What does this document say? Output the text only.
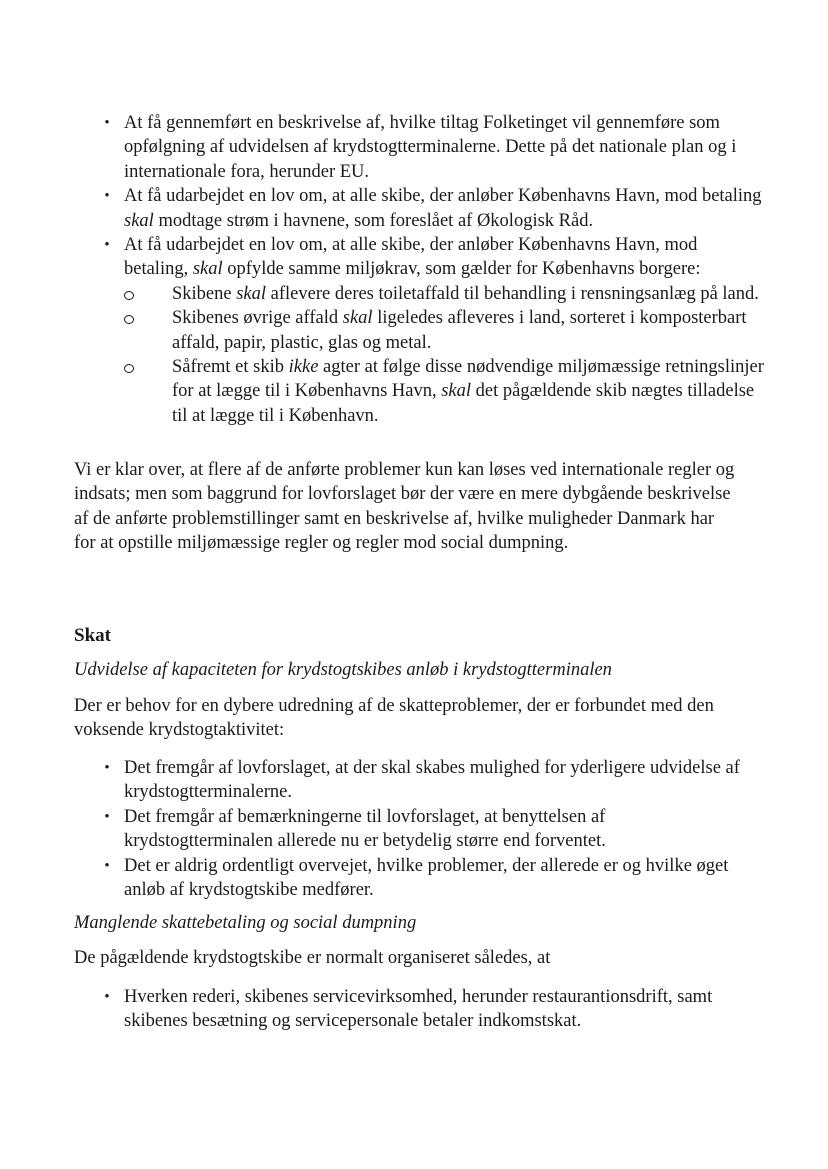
• At få gennemført en beskrivelse af, hvilke tiltag Folketinget vil gennemføre som opfølgning af udvidelsen af krydstogtterminalerne. Dette på det nationale plan og i internationale fora, herunder EU.
• At få udarbejdet en lov om, at alle skibe, der anløber Københavns Havn, mod betaling skal modtage strøm i havnene, som foreslået af Økologisk Råd.
• At få udarbejdet en lov om, at alle skibe, der anløber Københavns Havn, mod betaling, skal opfylde samme miljøkrav, som gælder for Københavns borgere:
Skibene skal aflevere deres toiletaffald til behandling i rensningsanlæg på land.
Skibenes øvrige affald skal ligeledes afleveres i land, sorteret i komposterbart affald, papir, plastic, glas og metal.
Såfremt et skib ikke agter at følge disse nødvendige miljømæssige retningslinjer for at lægge til i Københavns Havn, skal det pågældende skib nægtes tilladelse til at lægge til i København.

Vi er klar over, at flere af de anførte problemer kun kan løses ved internationale regler og indsats; men som baggrund for lovforslaget bør der være en mere dybgående beskrivelse af de anførte problemstillinger samt en beskrivelse af, hvilke muligheder Danmark har for at opstille miljømæssige regler og regler mod social dumpning.

Skat
Udvidelse af kapaciteten for krydstogtskibes anløb i krydstogtterminalen

Der er behov for en dybere udredning af de skatteproblemer, der er forbundet med den voksende krydstogtaktivitet:

• Det fremgår af lovforslaget, at der skal skabes mulighed for yderligere udvidelse af krydstogtterminalerne.
• Det fremgår af bemærkningerne til lovforslaget, at benyttelsen af krydstogtterminalen allerede nu er betydelig større end forventet.
• Det er aldrig ordentligt overvejet, hvilke problemer, der allerede er og hvilke øget anløb af krydstogtskibe medfører.
Manglende skattebetaling og social dumpning

De pågældende krydstogtskibe er normalt organiseret således, at

• Hverken rederi, skibenes servicevirksomhed, herunder restaurantionsdrift, samt skibenes besætning og servicepersonale betaler indkomstskat.
